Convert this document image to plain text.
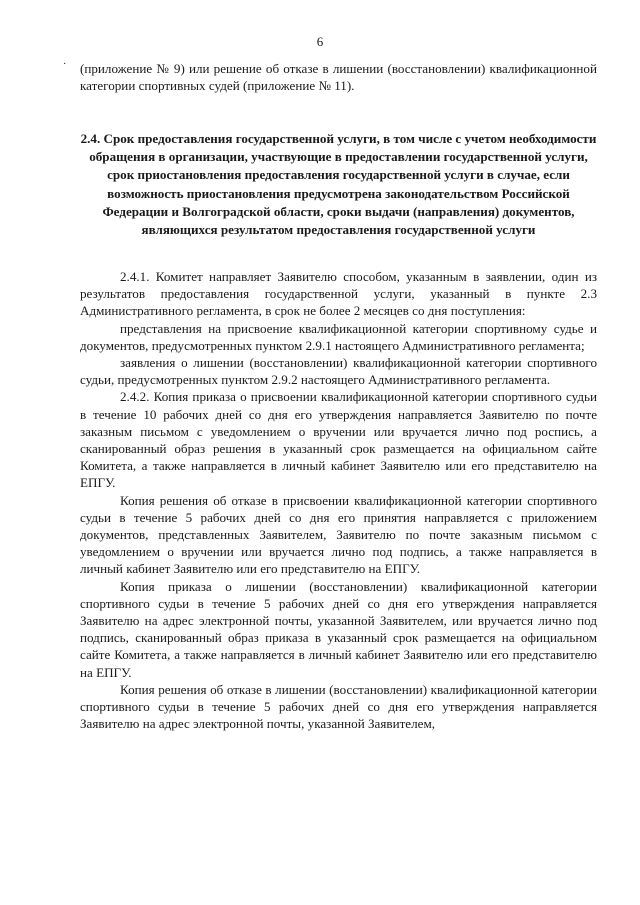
6
· (приложение № 9) или решение об отказе в лишении (восстановлении) квалификационной категории спортивных судей (приложение № 11).

2.4. Срок предоставления государственной услуги, в том числе с учетом необходимости обращения в организации, участвующие в предоставлении государственной услуги, срок приостановления предоставления государственной услуги в случае, если возможность приостановления предусмотрена законодательством Российской Федерации и Волгоградской области, сроки выдачи (направления) документов, являющихся результатом предоставления государственной услуги

2.4.1. Комитет направляет Заявителю способом, указанным в заявлении, один из результатов предоставления государственной услуги, указанный в пункте 2.3 Административного регламента, в срок не более 2 месяцев со дня поступления:

представления на присвоение квалификационной категории спортивному судье и документов, предусмотренных пунктом 2.9.1 настоящего Административного регламента;

заявления о лишении (восстановлении) квалификационной категории спортивного судьи, предусмотренных пунктом 2.9.2 настоящего Административного регламента.

2.4.2. Копия приказа о присвоении квалификационной категории спортивного судьи в течение 10 рабочих дней со дня его утверждения направляется Заявителю по почте заказным письмом с уведомлением о вручении или вручается лично под роспись, а сканированный образ решения в указанный срок размещается на официальном сайте Комитета, а также направляется в личный кабинет Заявителю или его представителю на ЕПГУ.

Копия решения об отказе в присвоении квалификационной категории спортивного судьи в течение 5 рабочих дней со дня его принятия направляется с приложением документов, представленных Заявителем, Заявителю по почте заказным письмом с уведомлением о вручении или вручается лично под подпись, а также направляется в личный кабинет Заявителю или его представителю на ЕПГУ.

Копия приказа о лишении (восстановлении) квалификационной категории спортивного судьи в течение 5 рабочих дней со дня его утверждения направляется Заявителю на адрес электронной почты, указанной Заявителем, или вручается лично под подпись, сканированный образ приказа в указанный срок размещается на официальном сайте Комитета, а также направляется в личный кабинет Заявителю или его представителю на ЕПГУ.

Копия решения об отказе в лишении (восстановлении) квалификационной категории спортивного судьи в течение 5 рабочих дней со дня его утверждения направляется Заявителю на адрес электронной почты, указанной Заявителем,
